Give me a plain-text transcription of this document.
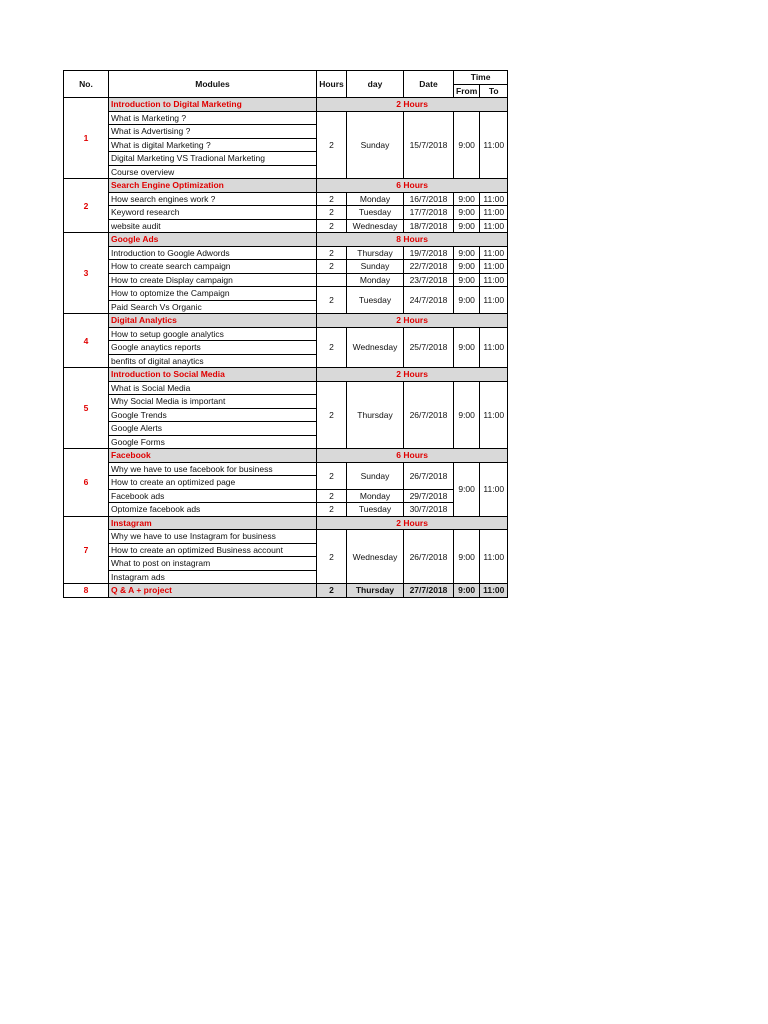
No.	Modules	Hours	day	Date	Time	
					From	To
1	Introduction to Digital Marketing	2 Hours				
	What is Marketing ?	2	Sunday	15/7/2018	9:00	11:00
	What is Advertising ?					
	What is digital Marketing ?					
	Digital Marketing VS Tradional Marketing					
	Course overview					
2	Search Engine Optimization	6 Hours				
	How search engines work ?	2	Monday	16/7/2018	9:00	11:00
	Keyword research	2	Tuesday	17/7/2018	9:00	11:00
	website audit	2	Wednesday	18/7/2018	9:00	11:00
3	Google Ads	8 Hours				
	Introduction to Google Adwords	2	Thursday	19/7/2018	9:00	11:00
	How to create search campaign	2	Sunday	22/7/2018	9:00	11:00
	How to create Display campaign		Monday	23/7/2018	9:00	11:00
	How to optomize the Campaign	2	Tuesday	24/7/2018	9:00	11:00
	Paid Search Vs Organic					
4	Digital Analytics	2 Hours				
	How to setup google analytics	2	Wednesday	25/7/2018	9:00	11:00
	Google anaytics reports					
	benfits of digital anaytics					
5	Introduction to Social Media	2 Hours				
	What is Social Media	2	Thursday	26/7/2018	9:00	11:00
	Why Social Media is important					
	Google Trends					
	Google Alerts					
	Google Forms					
6	Facebook	6 Hours				
	Why we have to use facebook for business	2	Sunday	26/7/2018	9:00	11:00
	How to create an optimized page					
	Facebook ads	2	Monday	29/7/2018		
	Optomize facebook ads	2	Tuesday	30/7/2018		
7	Instagram	2 Hours				
	Why we have to use Instagram for business	2	Wednesday	26/7/2018	9:00	11:00
	How to create an optimized Business account					
	What to post on instagram					
	Instagram ads					
8	Q & A + project	2	Thursday	27/7/2018	9:00	11:00
